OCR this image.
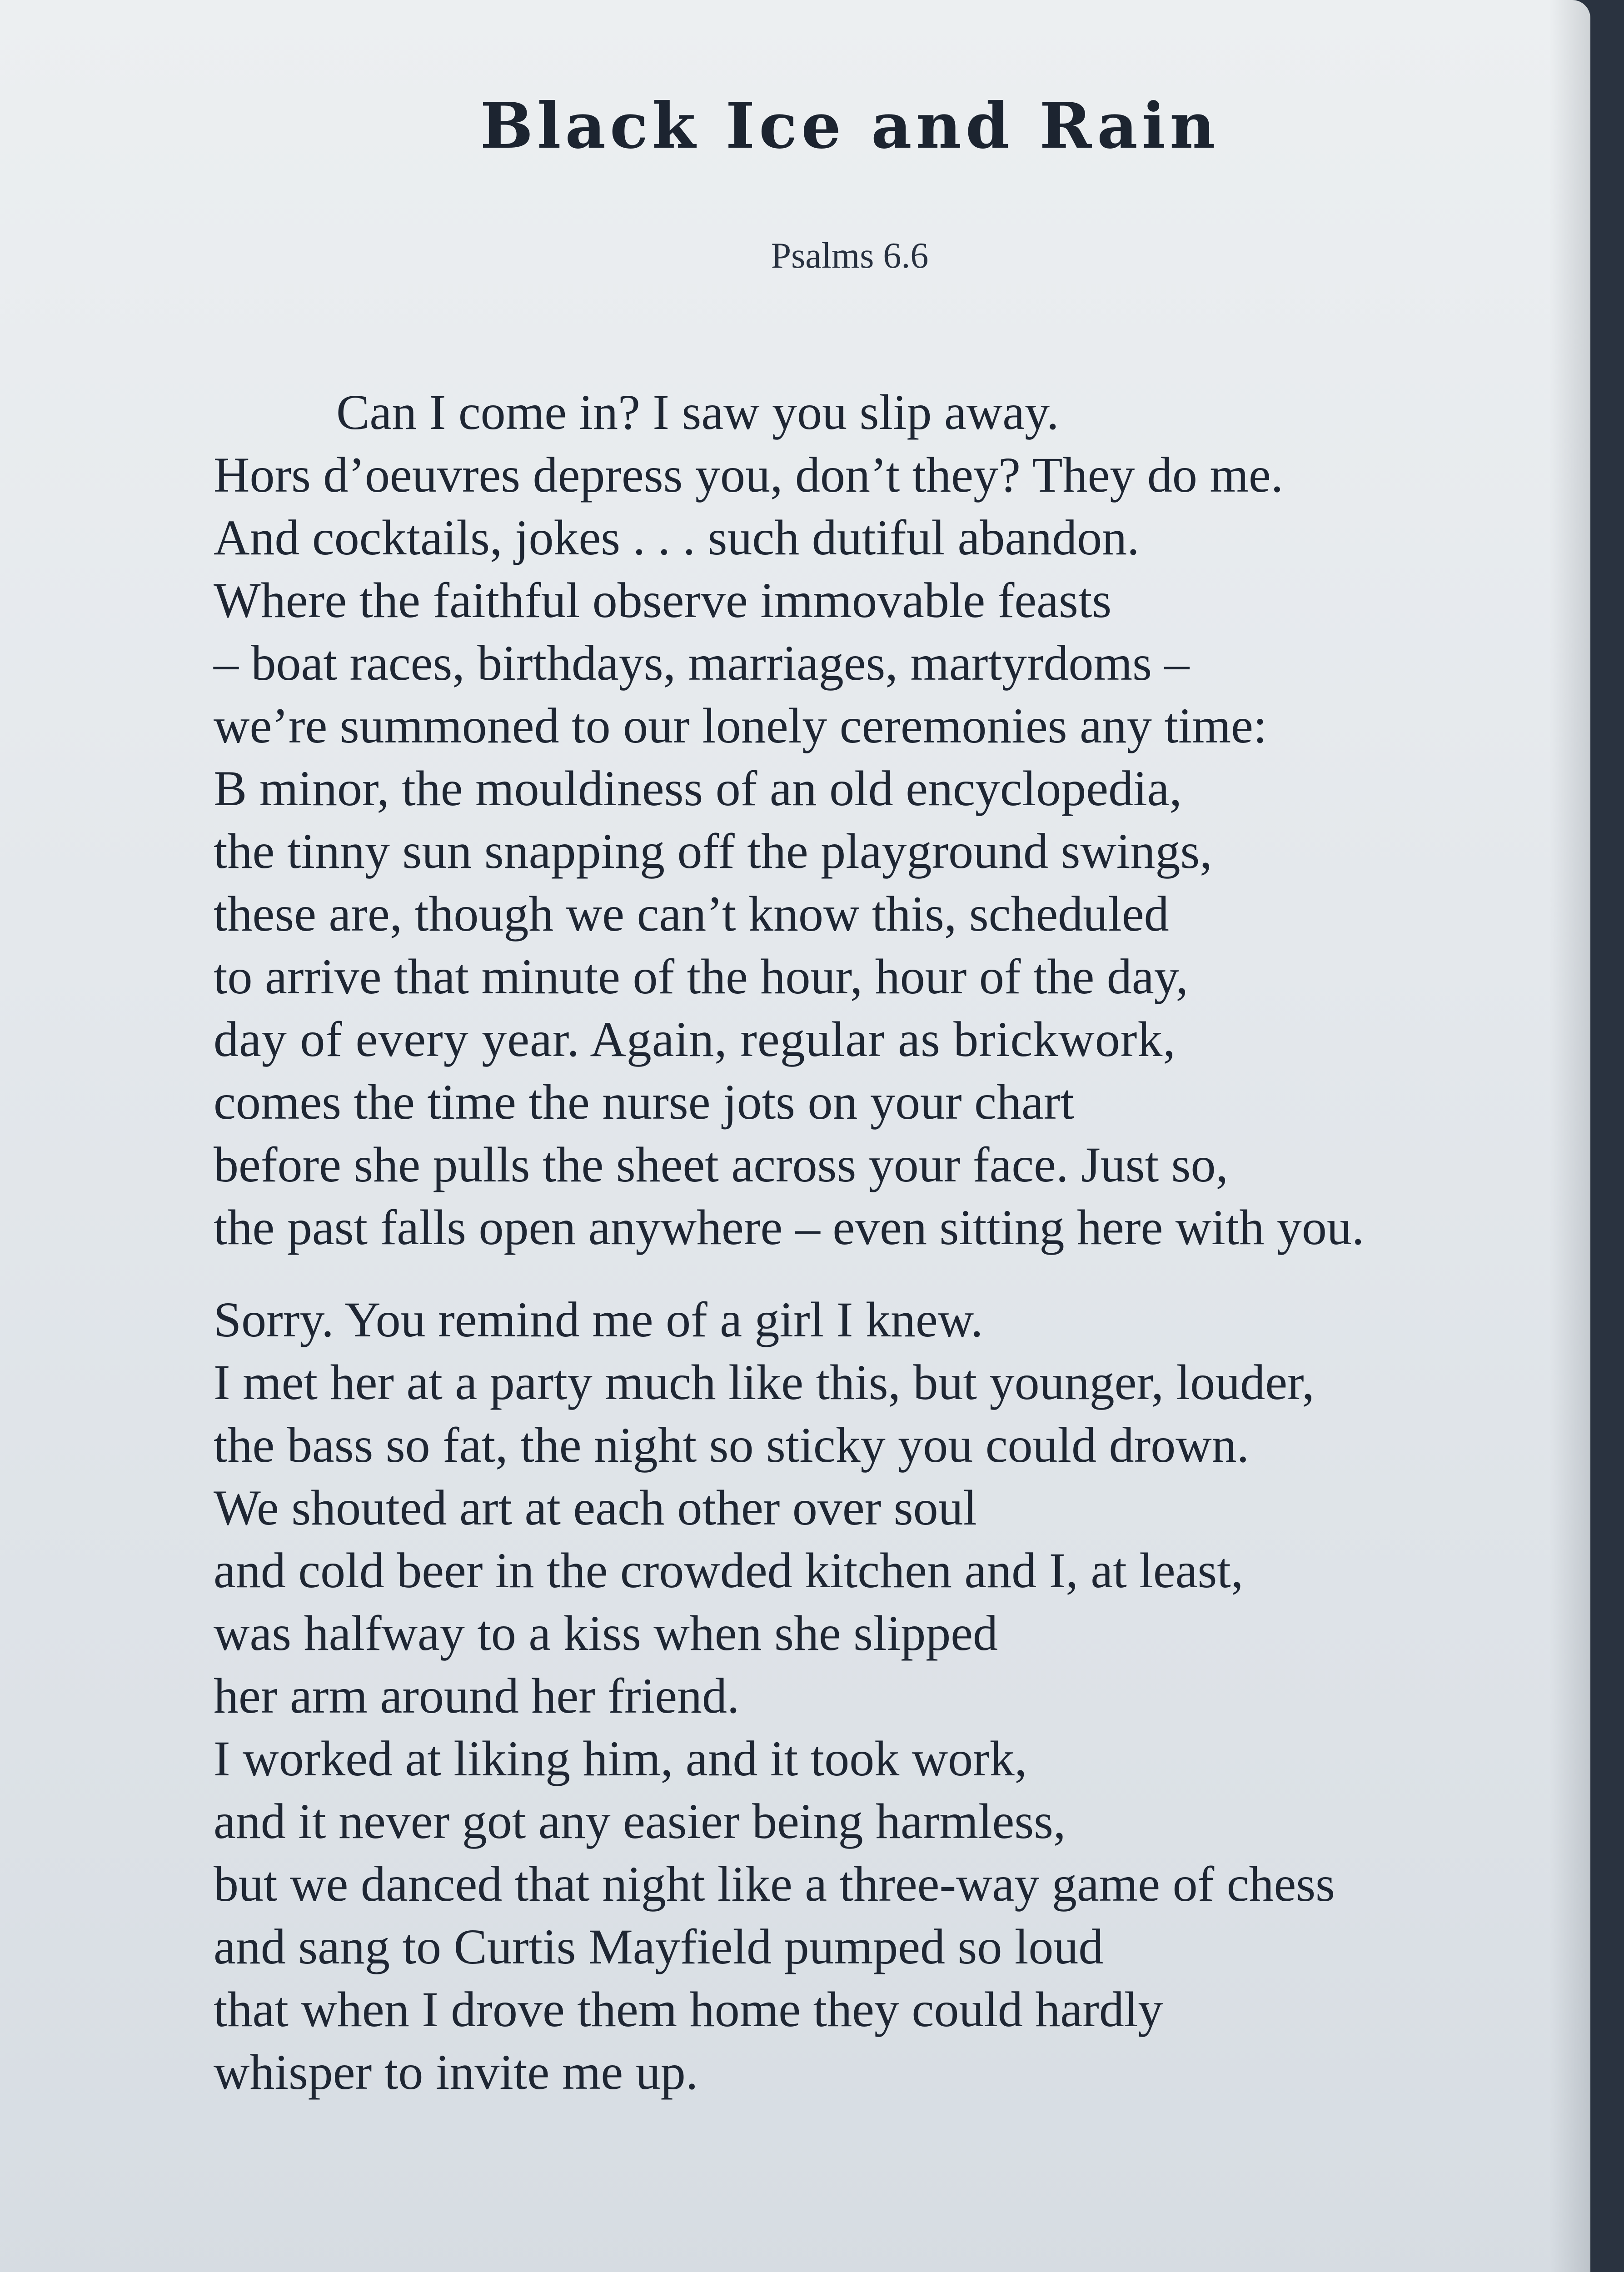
Black Ice and Rain
Psalms 6.6
Can I come in? I saw you slip away.
Hors d’oeuvres depress you, don’t they? They do me.
And cocktails, jokes . . . such dutiful abandon.
Where the faithful observe immovable feasts
– boat races, birthdays, marriages, martyrdoms –
we’re summoned to our lonely ceremonies any time:
B minor, the mouldiness of an old encyclopedia,
the tinny sun snapping off the playground swings,
these are, though we can’t know this, scheduled
to arrive that minute of the hour, hour of the day,
day of every year. Again, regular as brickwork,
comes the time the nurse jots on your chart
before she pulls the sheet across your face. Just so,
the past falls open anywhere – even sitting here with you.
Sorry. You remind me of a girl I knew.
I met her at a party much like this, but younger, louder,
the bass so fat, the night so sticky you could drown.
We shouted art at each other over soul
and cold beer in the crowded kitchen and I, at least,
was halfway to a kiss when she slipped
her arm around her friend.
I worked at liking him, and it took work,
and it never got any easier being harmless,
but we danced that night like a three-way game of chess
and sang to Curtis Mayfield pumped so loud
that when I drove them home they could hardly
whisper to invite me up.
